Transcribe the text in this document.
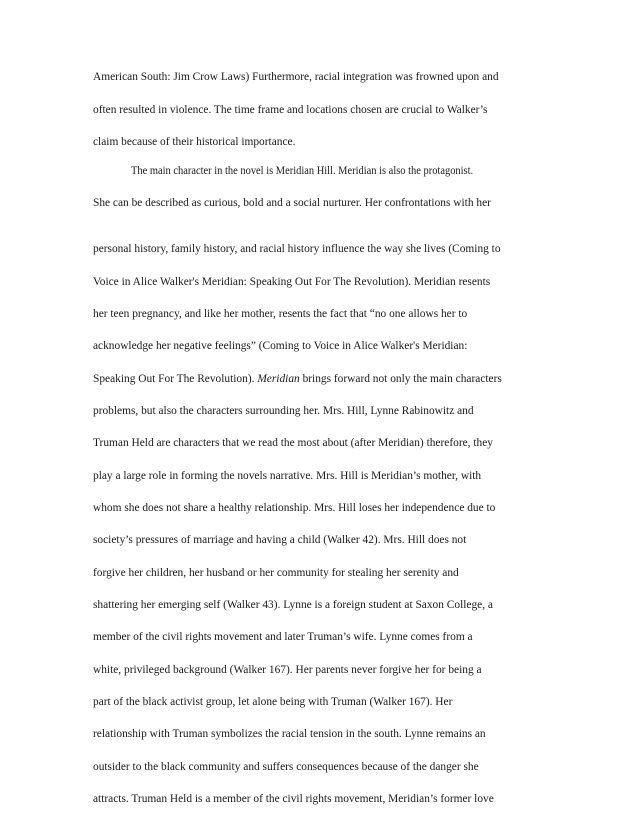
American South: Jim Crow Laws) Furthermore, racial integration was frowned upon and
often resulted in violence. The time frame and locations chosen are crucial to Walker’s
claim because of their historical importance.
The main character in the novel is Meridian Hill. Meridian is also the protagonist.
She can be described as curious, bold and a social nurturer. Her confrontations with her
personal history, family history, and racial history influence the way she lives (Coming to
Voice in Alice Walker's Meridian: Speaking Out For The Revolution). Meridian resents
her teen pregnancy, and like her mother, resents the fact that “no one allows her to
acknowledge her negative feelings” (Coming to Voice in Alice Walker's Meridian:
Speaking Out For The Revolution). Meridian brings forward not only the main characters
problems, but also the characters surrounding her. Mrs. Hill, Lynne Rabinowitz and
Truman Held are characters that we read the most about (after Meridian) therefore, they
play a large role in forming the novels narrative. Mrs. Hill is Meridian’s mother, with
whom she does not share a healthy relationship. Mrs. Hill loses her independence due to
society’s pressures of marriage and having a child (Walker 42). Mrs. Hill does not
forgive her children, her husband or her community for stealing her serenity and
shattering her emerging self (Walker 43). Lynne is a foreign student at Saxon College, a
member of the civil rights movement and later Truman’s wife. Lynne comes from a
white, privileged background (Walker 167). Her parents never forgive her for being a
part of the black activist group, let alone being with Truman (Walker 167). Her
relationship with Truman symbolizes the racial tension in the south. Lynne remains an
outsider to the black community and suffers consequences because of the danger she
attracts. Truman Held is a member of the civil rights movement, Meridian’s former love
